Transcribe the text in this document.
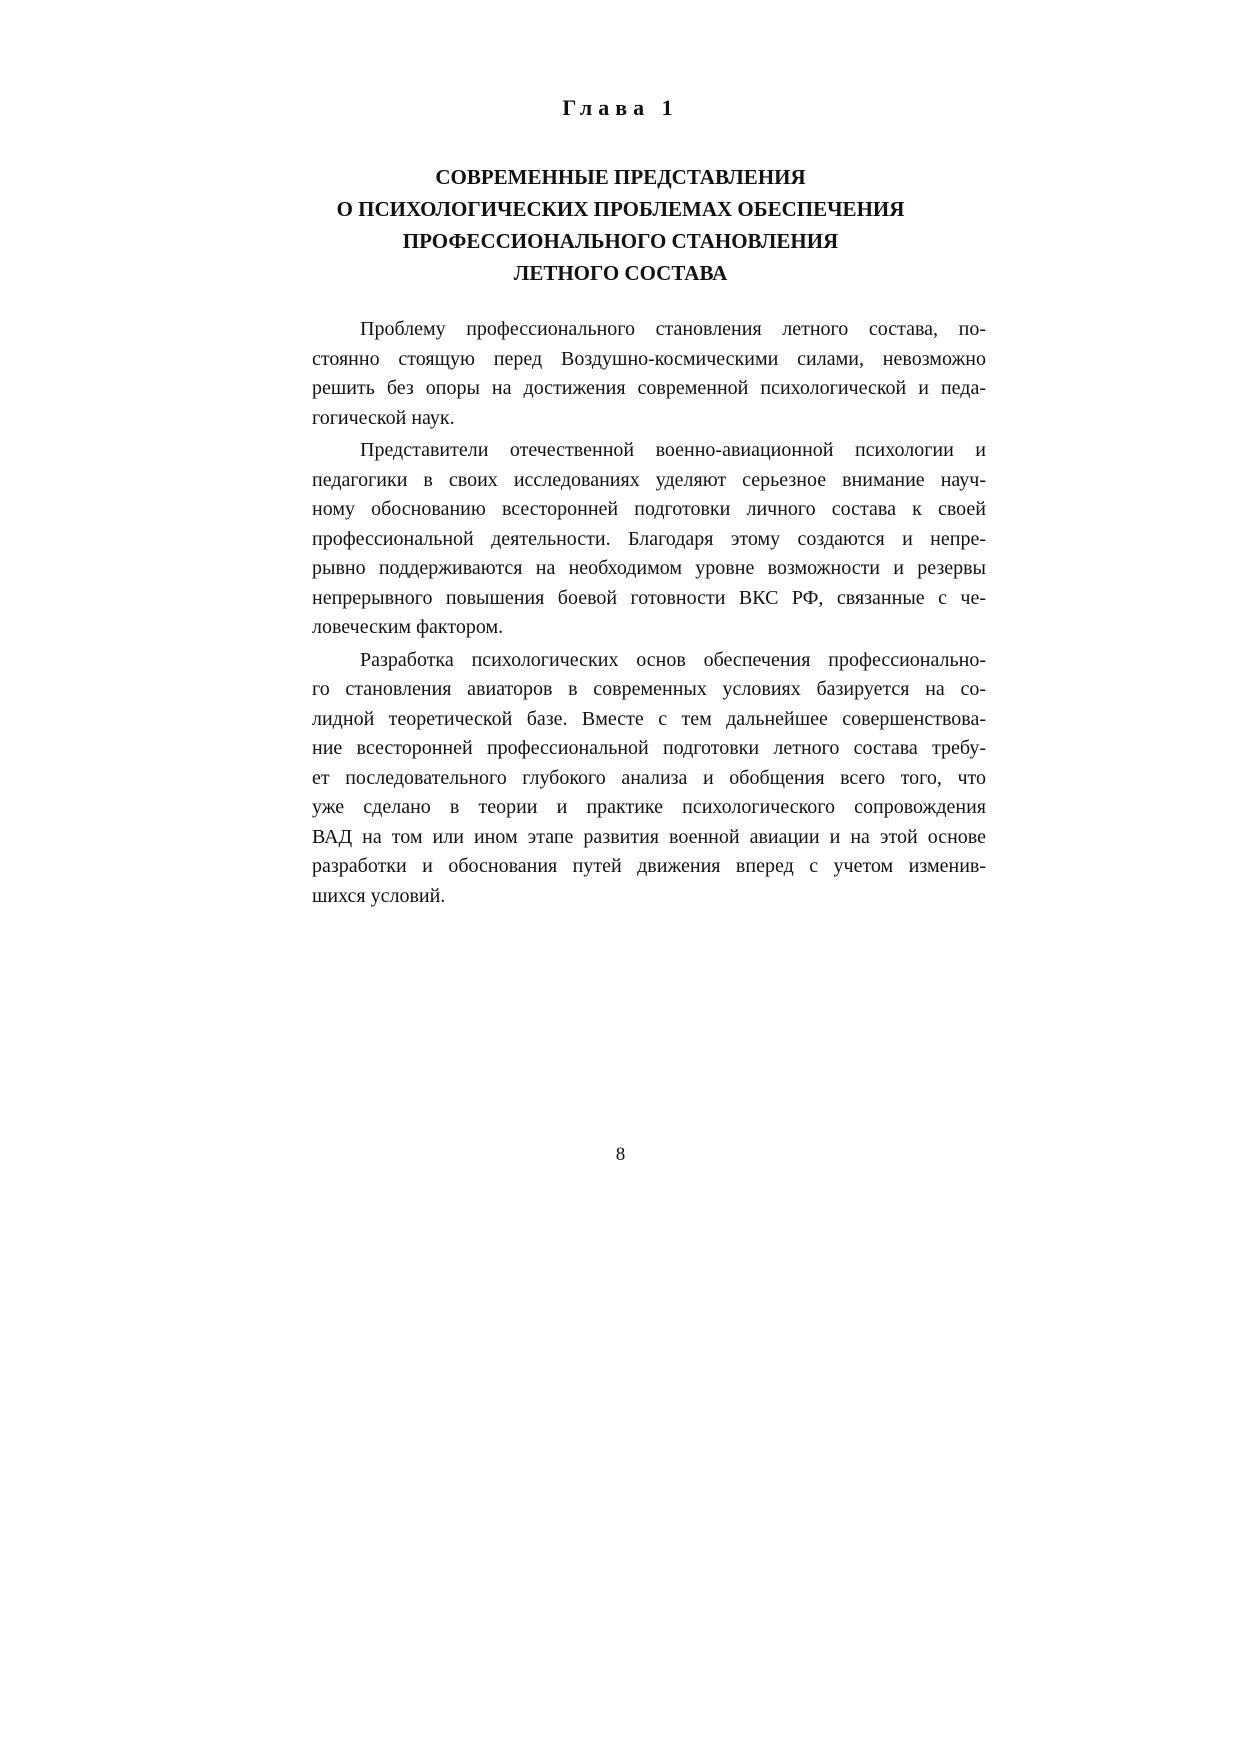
Глава 1
СОВРЕМЕННЫЕ ПРЕДСТАВЛЕНИЯ
О ПСИХОЛОГИЧЕСКИХ ПРОБЛЕМАХ ОБЕСПЕЧЕНИЯ
ПРОФЕССИОНАЛЬНОГО СТАНОВЛЕНИЯ
ЛЕТНОГО СОСТАВА

Проблему профессионального становления летного состава, по-
стоянно стоящую перед Воздушно-космическими силами, невозможно
решить без опоры на достижения современной психологической и педа-
гогической наук.

Представители отечественной военно-авиационной психологии и
педагогики в своих исследованиях уделяют серьезное внимание науч-
ному обоснованию всесторонней подготовки личного состава к своей
профессиональной деятельности. Благодаря этому создаются и непре-
рывно поддерживаются на необходимом уровне возможности и резервы
непрерывного повышения боевой готовности ВКС РФ, связанные с че-
ловеческим фактором.

Разработка психологических основ обеспечения профессионально-
го становления авиаторов в современных условиях базируется на со-
лидной теоретической базе. Вместе с тем дальнейшее совершенствова-
ние всесторонней профессиональной подготовки летного состава требу-
ет последовательного глубокого анализа и обобщения всего того, что
уже сделано в теории и практике психологического сопровождения
ВАД на том или ином этапе развития военной авиации и на этой основе
разработки и обоснования путей движения вперед с учетом изменив-
шихся условий.

8
